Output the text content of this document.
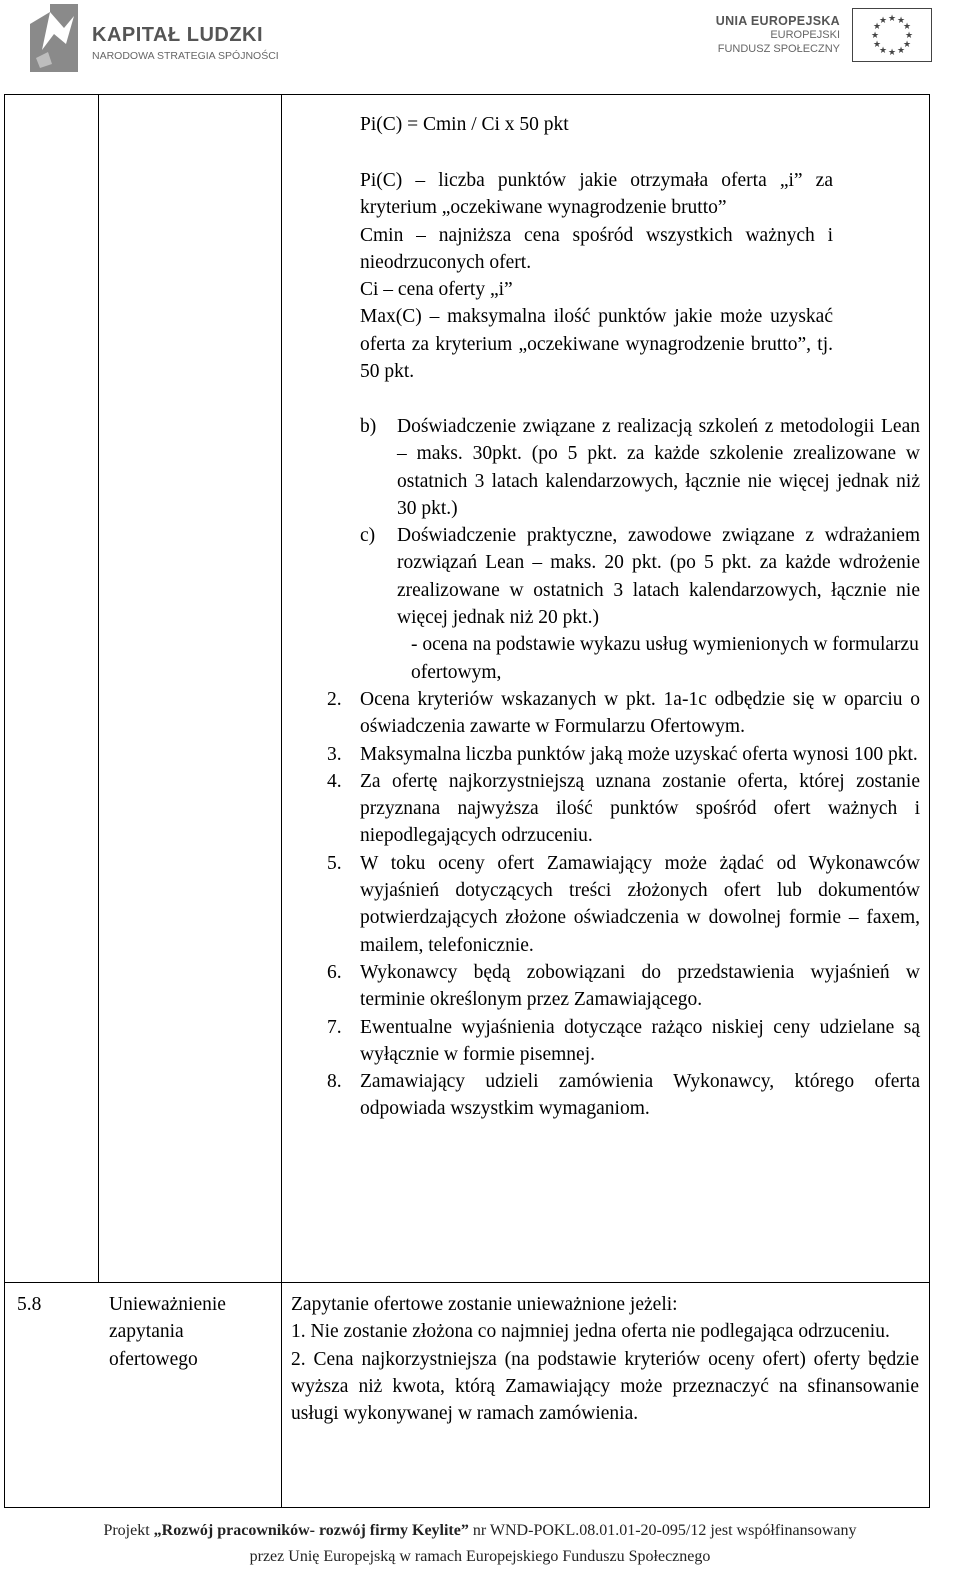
KAPITAŁ LUDZKI
NARODOWA STRATEGIA SPÓJNOŚCI
UNIA EUROPEJSKA
EUROPEJSKI
FUNDUSZ SPOŁECZNY
★ ★
★
★
★
★
★
★
★
★
★
★
Pi(C) = Cmin / Ci x 50 pkt
Pi(C) – liczba punktów jakie otrzymała oferta „i” za kryterium „oczekiwane wynagrodzenie brutto”
Cmin – najniższa cena spośród wszystkich ważnych i nieodrzuconych ofert.
Ci – cena oferty „i”
Max(C) – maksymalna ilość punktów jakie może uzyskać oferta za kryterium „oczekiwane wynagrodzenie brutto”, tj. 50 pkt.
b) Doświadczenie związane z realizacją szkoleń z metodologii Lean – maks. 30pkt. (po 5 pkt. za każde szkolenie zrealizowane w ostatnich 3 latach kalendarzowych, łącznie nie więcej jednak niż 30 pkt.)
c) Doświadczenie praktyczne, zawodowe związane z wdrażaniem rozwiązań Lean – maks. 20 pkt. (po 5 pkt. za każde wdrożenie zrealizowane w ostatnich 3 latach kalendarzowych, łącznie nie więcej jednak niż 20 pkt.)
- ocena na podstawie wykazu usług wymienionych w formularzu ofertowym,
2. Ocena kryteriów wskazanych w pkt. 1a-1c odbędzie się w oparciu o oświadczenia zawarte w Formularzu Ofertowym.
3. Maksymalna liczba punktów jaką może uzyskać oferta wynosi 100 pkt.
4. Za ofertę najkorzystniejszą uznana zostanie oferta, której zostanie przyznana najwyższa ilość punktów spośród ofert ważnych i niepodlegających odrzuceniu.
5. W toku oceny ofert Zamawiający może żądać od Wykonawców wyjaśnień dotyczących treści złożonych ofert lub dokumentów potwierdzających złożone oświadczenia w dowolnej formie – faxem, mailem, telefonicznie.
6. Wykonawcy będą zobowiązani do przedstawienia wyjaśnień w terminie określonym przez Zamawiającego.
7. Ewentualne wyjaśnienia dotyczące rażąco niskiej ceny udzielane są wyłącznie w formie pisemnej.
8. Zamawiający udzieli zamówienia Wykonawcy, którego oferta odpowiada wszystkim wymaganiom.
5.8	Unieważnienie zapytania ofertowego
Zapytanie ofertowe zostanie unieważnione jeżeli:
1. Nie zostanie złożona co najmniej jedna oferta nie podlegająca odrzuceniu.
2. Cena najkorzystniejsza (na podstawie kryteriów oceny ofert) oferty będzie wyższa niż kwota, którą Zamawiający może przeznaczyć na sfinansowanie usługi wykonywanej w ramach zamówienia.
Projekt „Rozwój pracowników- rozwój firmy Keylite” nr WND-POKL.08.01.01-20-095/12 jest współfinansowany
przez Unię Europejską w ramach Europejskiego Funduszu Społecznego
